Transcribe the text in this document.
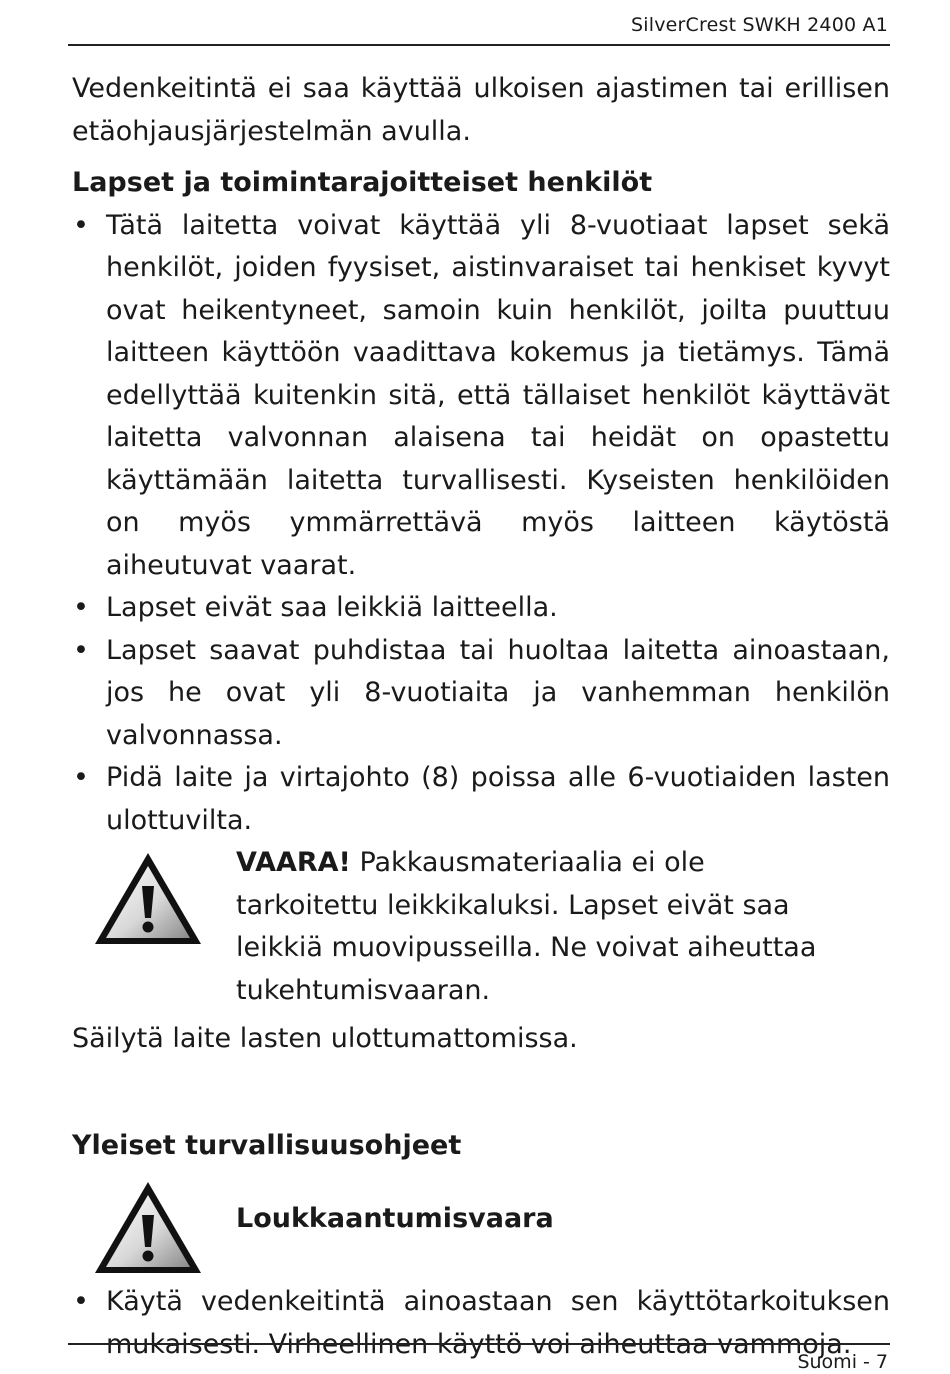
SilverCrest SWKH 2400 A1

Vedenkeitintä ei saa käyttää ulkoisen ajastimen tai erillisen etäohjausjärjestelmän avulla.

Lapset ja toimintarajoitteiset henkilöt
• Tätä laitetta voivat käyttää yli 8-vuotiaat lapset sekä henkilöt, joiden fyysiset, aistinvaraiset tai henkiset kyvyt ovat heikentyneet, samoin kuin henkilöt, joilta puuttuu laitteen käyttöön vaadittava kokemus ja tietämys. Tämä edellyttää kuitenkin sitä, että tällaiset henkilöt käyttävät laitetta valvonnan alaisena tai heidät on opastettu käyttämään laitetta turvallisesti. Kyseisten henkilöiden on myös ymmärrettävä myös laitteen käytöstä aiheutuvat vaarat.
• Lapset eivät saa leikkiä laitteella.
• Lapset saavat puhdistaa tai huoltaa laitetta ainoastaan, jos he ovat yli 8-vuotiaita ja vanhemman henkilön valvonnassa.
• Pidä laite ja virtajohto (8) poissa alle 6-vuotiaiden lasten ulottuvilta.
VAARA! Pakkausmateriaalia ei ole tarkoitettu leikkikaluksi. Lapset eivät saa leikkiä muovipusseilla. Ne voivat aiheuttaa tukehtumisvaaran.

Säilytä laite lasten ulottumattomissa.

Yleiset turvallisuusohjeet
Loukkaantumisvaara
• Käytä vedenkeitintä ainoastaan sen käyttötarkoituksen mukaisesti. Virheellinen käyttö voi aiheuttaa vammoja.
Suomi - 7
